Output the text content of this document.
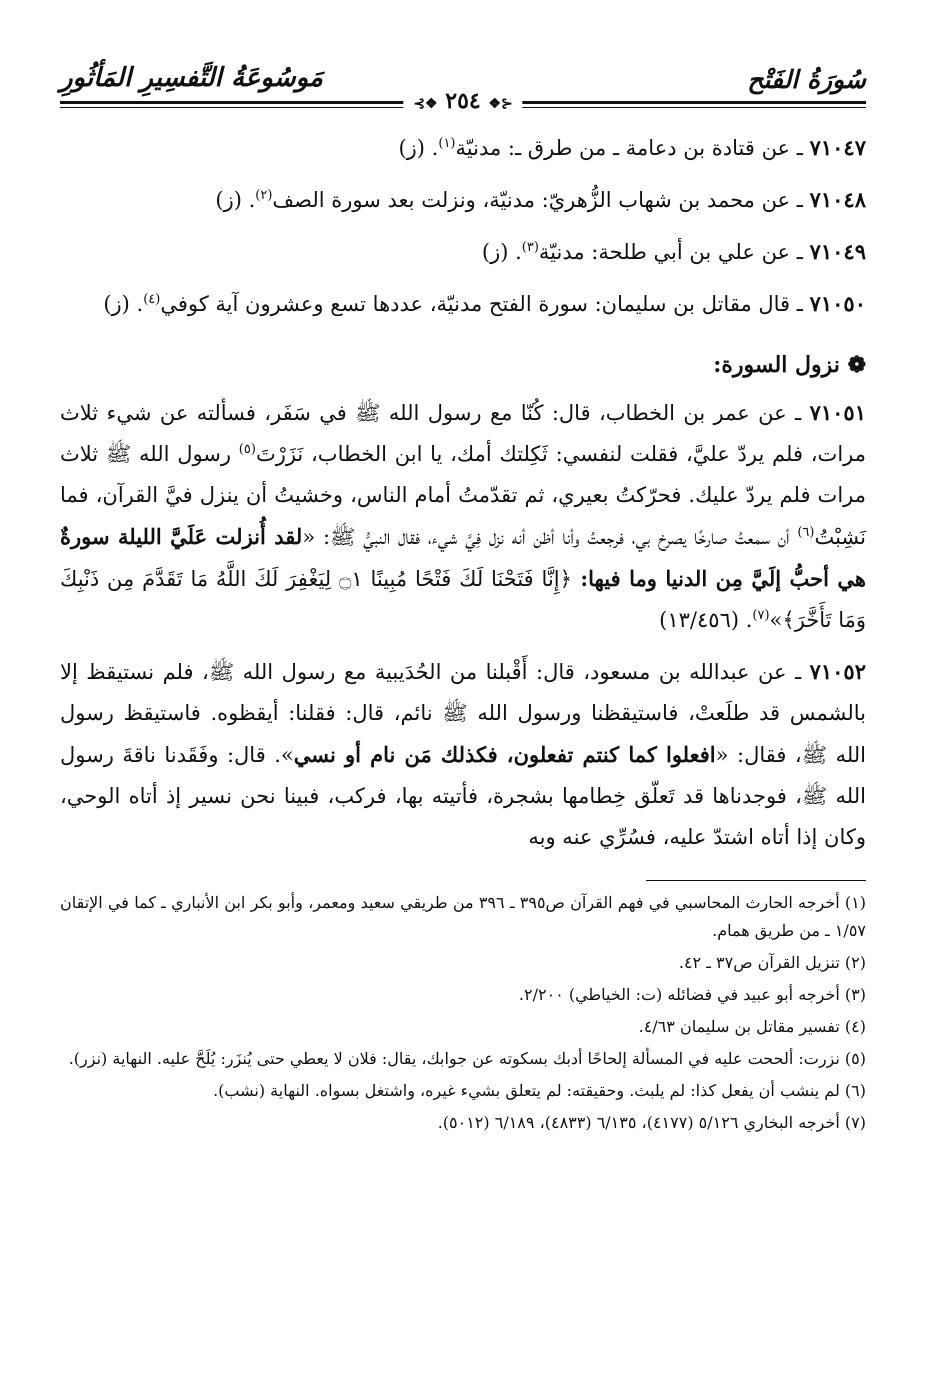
سُورَةُ الفَتْح
مَوسُوعَةُ التَّفسِيرِ المَأثُورِ
⊰❖ ٢٥٤ ❖⊱
٧١٠٤٧ ـ عن قتادة بن دعامة ـ من طرق ـ: مدنيّة$^{(١)}$. (ز)
٧١٠٤٨ ـ عن محمد بن شهاب الزُّهريّ: مدنيّة، ونزلت بعد سورة الصف$^{(٢)}$. (ز)
٧١٠٤٩ ـ عن علي بن أبي طلحة: مدنيّة$^{(٣)}$. (ز)
٧١٠٥٠ ـ قال مقاتل بن سليمان: سورة الفتح مدنيّة، عددها تسع وعشرون آية كوفي$^{(٤)}$. (ز)
❁ نزول السورة:
٧١٠٥١ ـ عن عمر بن الخطاب، قال: كُنّا مع رسول الله ﷺ في سَفَر، فسألته عن شيء ثلاث مرات، فلم يردّ عليَّ، فقلت لنفسي: ثَكِلتك أمك، يا ابن الخطاب، نَزَرْتَ$^{(٥)}$ رسول الله ﷺ ثلاث مرات فلم يردّ عليك. فحرّكتُ بعيري، ثم تقدّمتُ أمام الناس، وخشيتُ أن ينزل فيَّ القرآن، فما نَشِبْتُ$^{(٦)}$ أن سمعتُ صارخًا يصرخ بي، فرجعتُ وأنا أظن أنه نزل فِيَّ شيء، فقال النبيُّ ﷺ: «لقد أُنزلت عَلَيَّ الليلة سورةٌ هي أحبُّ إلَيَّ مِن الدنيا وما فيها: ﴿إِنَّا فَتَحْنَا لَكَ فَتْحًا مُبِينًا ۝١ لِيَغْفِرَ لَكَ اللَّهُ مَا تَقَدَّمَ مِن ذَنْبِكَ وَمَا تَأَخَّرَ﴾»$^{(٧)}$. (١٣/٤٥٦)
٧١٠٥٢ ـ عن عبدالله بن مسعود، قال: أَقْبلنا من الحُدَيبية مع رسول الله ﷺ، فلم نستيقظ إلا بالشمس قد طلَعتْ، فاستيقظنا ورسول الله ﷺ نائم، قال: فقلنا: أيقظوه. فاستيقظ رسول الله ﷺ، فقال: «افعلوا كما كنتم تفعلون، فكذلك مَن نام أو نسي». قال: وفَقَدنا ناقةَ رسول الله ﷺ، فوجدناها قد تَعلّق خِطامها بشجرة، فأتيته بها، فركب، فبينا نحن نسير إذ أتاه الوحي، وكان إذا أتاه اشتدّ عليه، فسُرِّي عنه وبه
(١) أخرجه الحارث المحاسبي في فهم القرآن ص٣٩٥ ـ ٣٩٦ من طريقي سعيد ومعمر، وأبو بكر ابن الأنباري ـ كما في الإتقان ١/٥٧ ـ من طريق همام.
(٢) تنزيل القرآن ص٣٧ ـ ٤٢.
(٣) أخرجه أبو عبيد في فضائله (ت: الخياطي) ٢/٢٠٠.
(٤) تفسير مقاتل بن سليمان ٤/٦٣.
(٥) نزرت: ألححت عليه في المسألة إلحاحًا أدبك بسكوته عن جوابك، يقال: فلان لا يعطي حتى يُنزَر: يُلَحَّ عليه. النهاية (نزر).
(٦) لم ينشب أن يفعل كذا: لم يلبث. وحقيقته: لم يتعلق بشيء غيره، واشتغل بسواه. النهاية (نشب).
(٧) أخرجه البخاري ٥/١٢٦ (٤١٧٧)، ٦/١٣٥ (٤٨٣٣)، ٦/١٨٩ (٥٠١٢).
